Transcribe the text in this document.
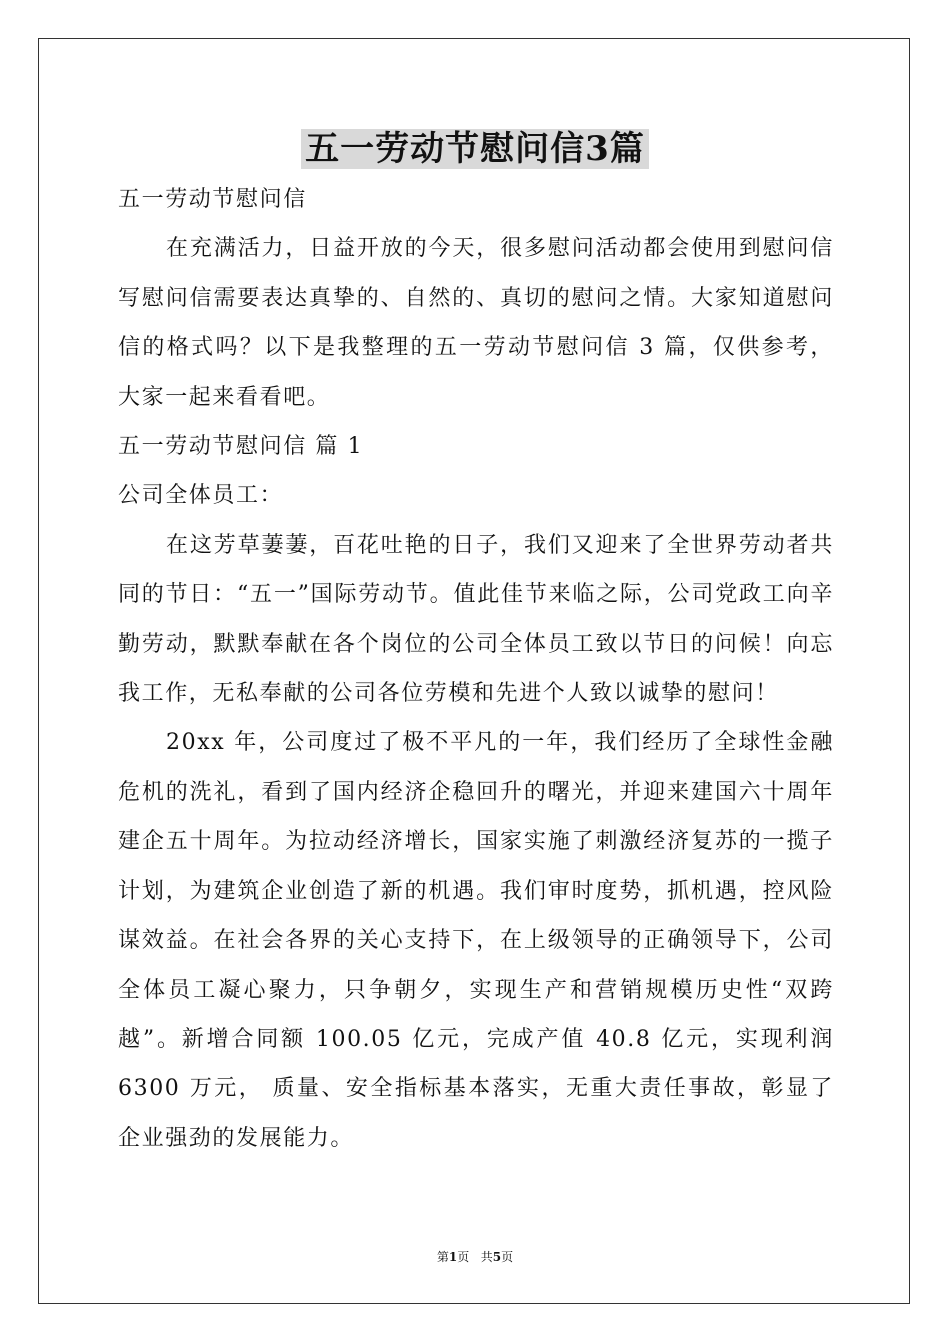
五一劳动节慰问信3篇

五一劳动节慰问信

在充满活力，日益开放的今天，很多慰问活动都会使用到慰问信写慰问信需要表达真挚的、自然的、真切的慰问之情。大家知道慰问信的格式吗？以下是我整理的五一劳动节慰问信 3 篇，仅供参考，大家一起来看看吧。

五一劳动节慰问信 篇 1

公司全体员工：

在这芳草萋萋，百花吐艳的日子，我们又迎来了全世界劳动者共同的节日：“五一”国际劳动节。值此佳节来临之际，公司党政工向辛勤劳动，默默奉献在各个岗位的公司全体员工致以节日的问候！向忘我工作，无私奉献的公司各位劳模和先进个人致以诚挚的慰问！

20xx 年，公司度过了极不平凡的一年，我们经历了全球性金融危机的洗礼，看到了国内经济企稳回升的曙光，并迎来建国六十周年建企五十周年。为拉动经济增长，国家实施了刺激经济复苏的一揽子计划，为建筑企业创造了新的机遇。我们审时度势，抓机遇，控风险谋效益。在社会各界的关心支持下，在上级领导的正确领导下，公司全体员工凝心聚力，只争朝夕，实现生产和营销规模历史性“双跨越”。新增合同额 100.05 亿元，完成产值 40.8 亿元，实现利润 6300 万元， 质量、安全指标基本落实，无重大责任事故，彰显了企业强劲的发展能力。

第1页 共5页
